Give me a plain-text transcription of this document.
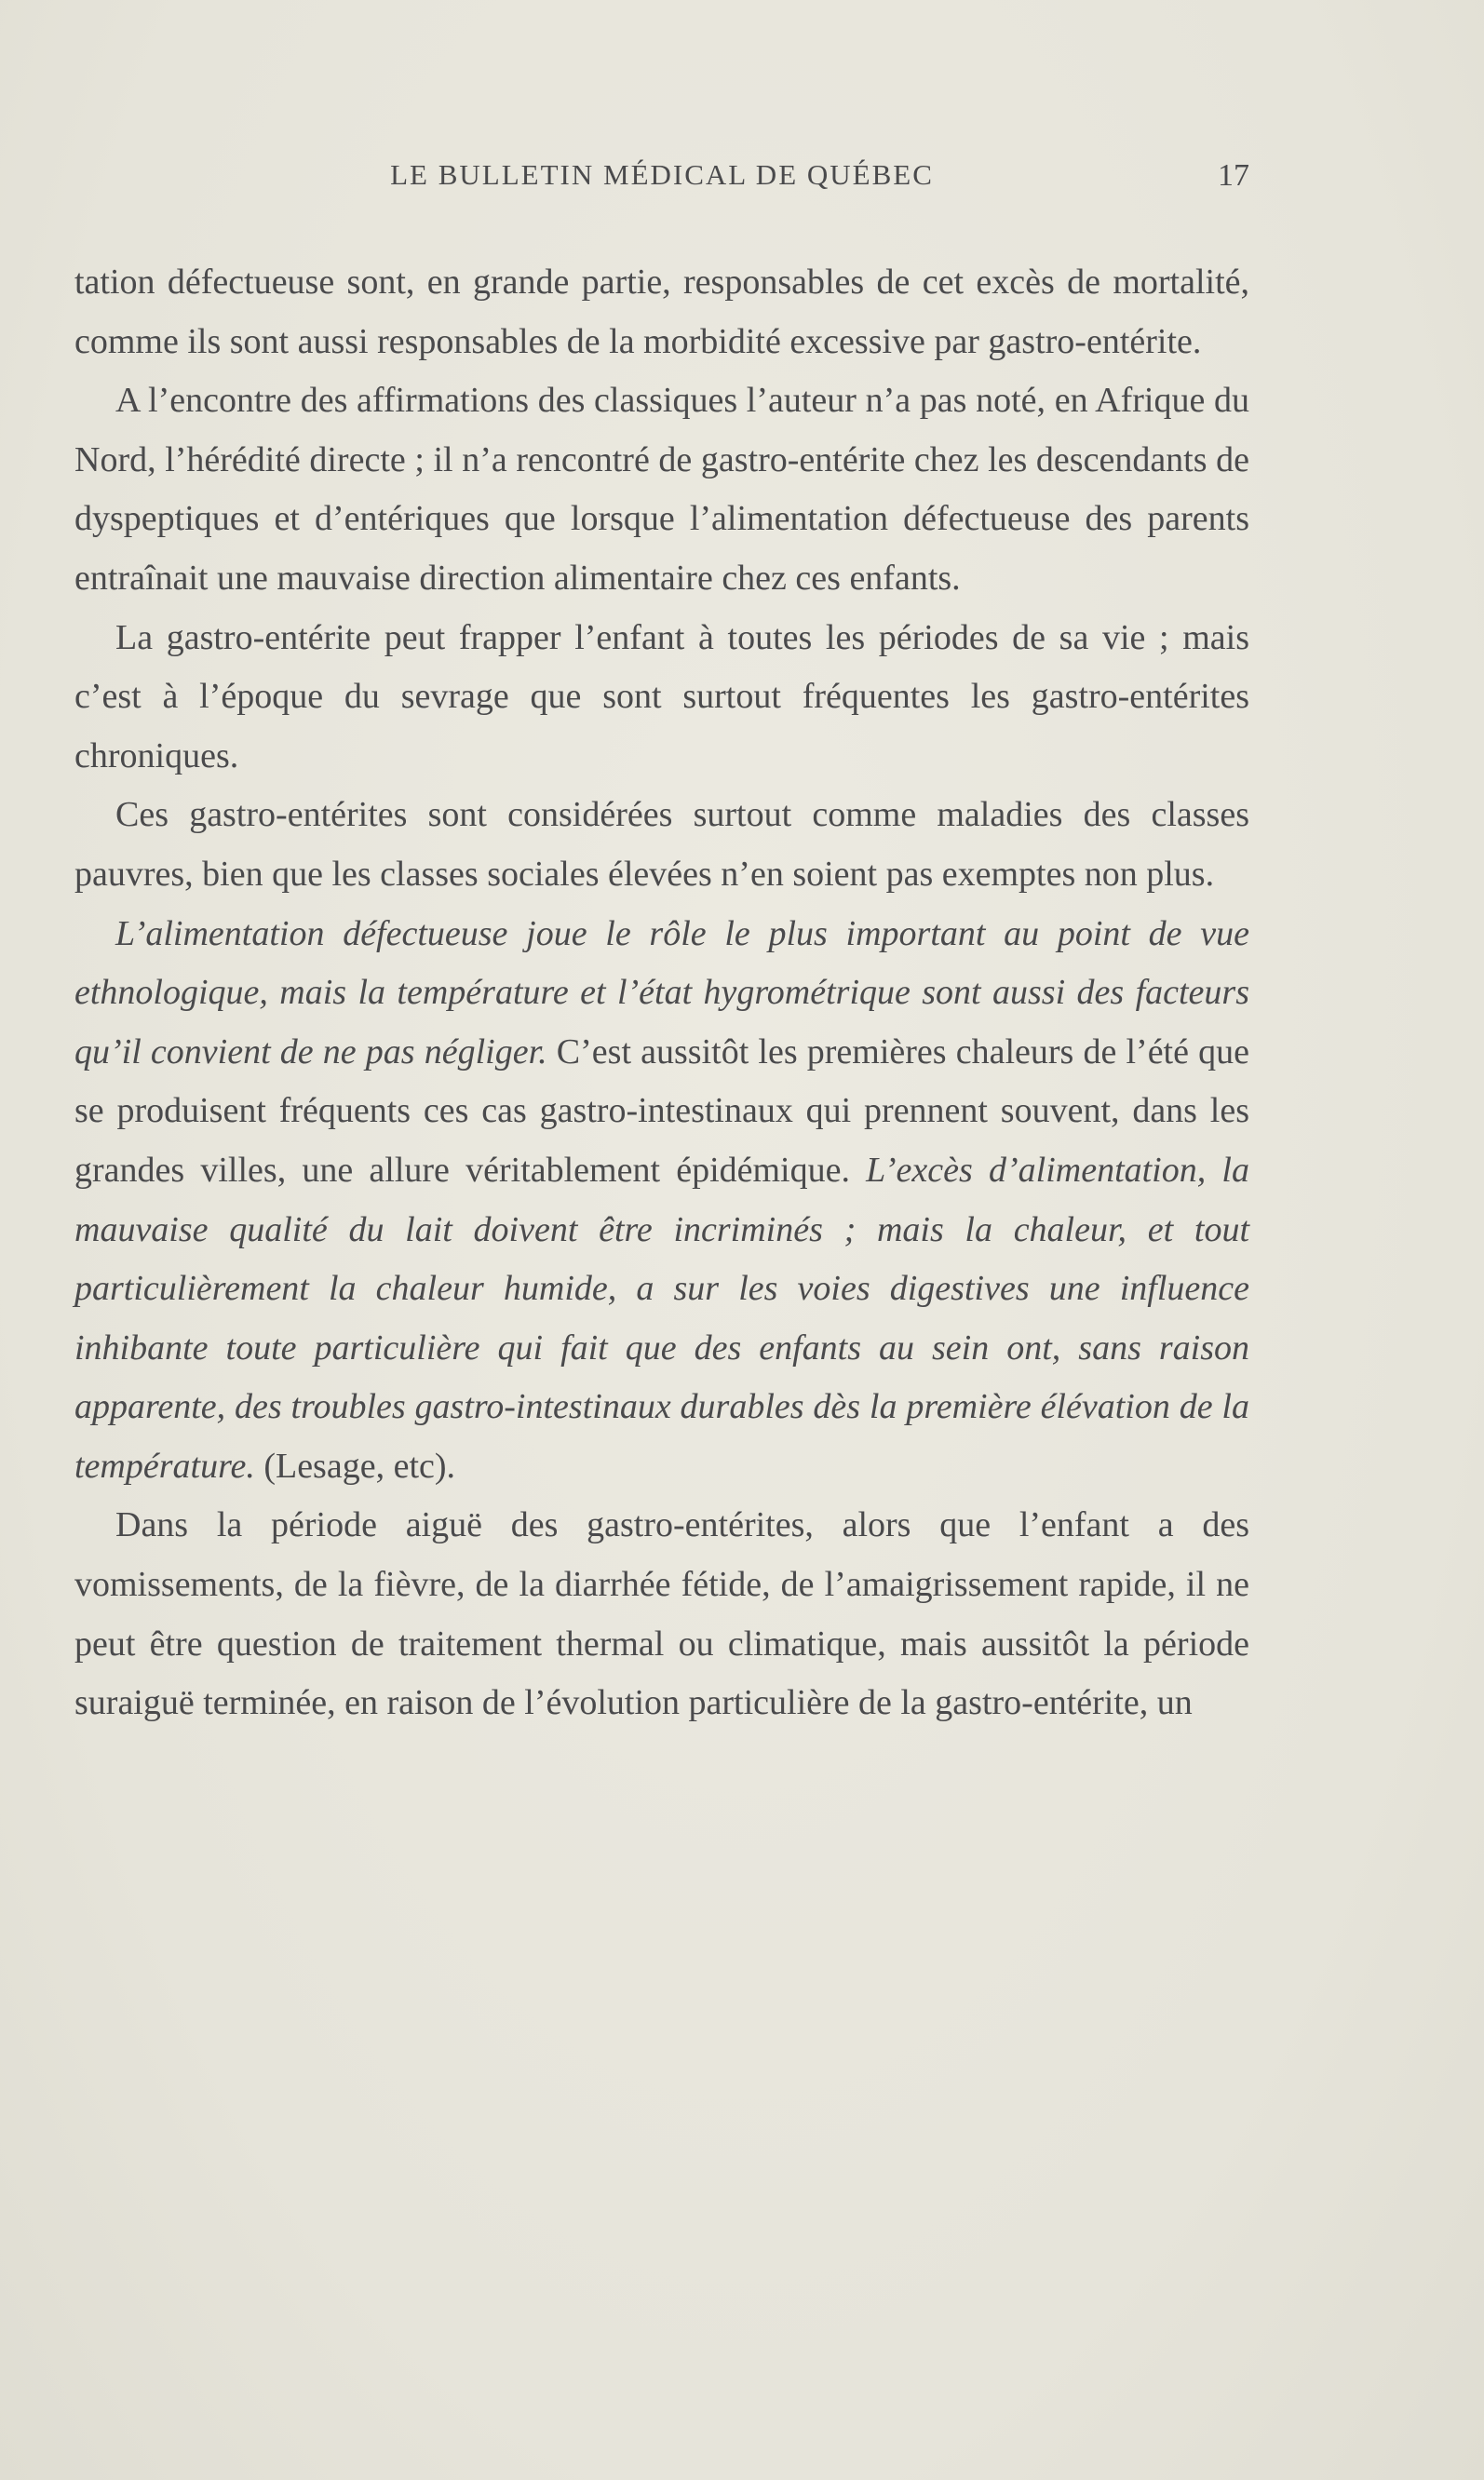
LE BULLETIN MÉDICAL DE QUÉBEC	17

tation défectueuse sont, en grande partie, responsables de cet excès de mortalité, comme ils sont aussi responsables de la morbidité excessive par gastro-entérite.

A l’encontre des affirmations des classiques l’auteur n’a pas noté, en Afrique du Nord, l’hérédité directe ; il n’a rencontré de gastro-entérite chez les descendants de dyspeptiques et d’entériques que lorsque l’alimentation défectueuse des parents entraînait une mauvaise direction alimentaire chez ces enfants.

La gastro-entérite peut frapper l’enfant à toutes les périodes de sa vie ; mais c’est à l’époque du sevrage que sont surtout fréquentes les gastro-entérites chroniques.

Ces gastro-entérites sont considérées surtout comme maladies des classes pauvres, bien que les classes sociales élevées n’en soient pas exemptes non plus.

L’alimentation défectueuse joue le rôle le plus important au point de vue ethnologique, mais la température et l’état hygrométrique sont aussi des facteurs qu’il convient de ne pas négliger. C’est aussitôt les premières chaleurs de l’été que se produisent fréquents ces cas gastro-intestinaux qui prennent souvent, dans les grandes villes, une allure véritablement épidémique. L’excès d’alimentation, la mauvaise qualité du lait doivent être incriminés ; mais la chaleur, et tout particulièrement la chaleur humide, a sur les voies digestives une influence inhibante toute particulière qui fait que des enfants au sein ont, sans raison apparente, des troubles gastro-intestinaux durables dès la première élévation de la température. (Lesage, etc).

Dans la période aiguë des gastro-entérites, alors que l’enfant a des vomissements, de la fièvre, de la diarrhée fétide, de l’amaigrissement rapide, il ne peut être question de traitement thermal ou climatique, mais aussitôt la période suraiguë terminée, en raison de l’évolution particulière de la gastro-entérite, un
